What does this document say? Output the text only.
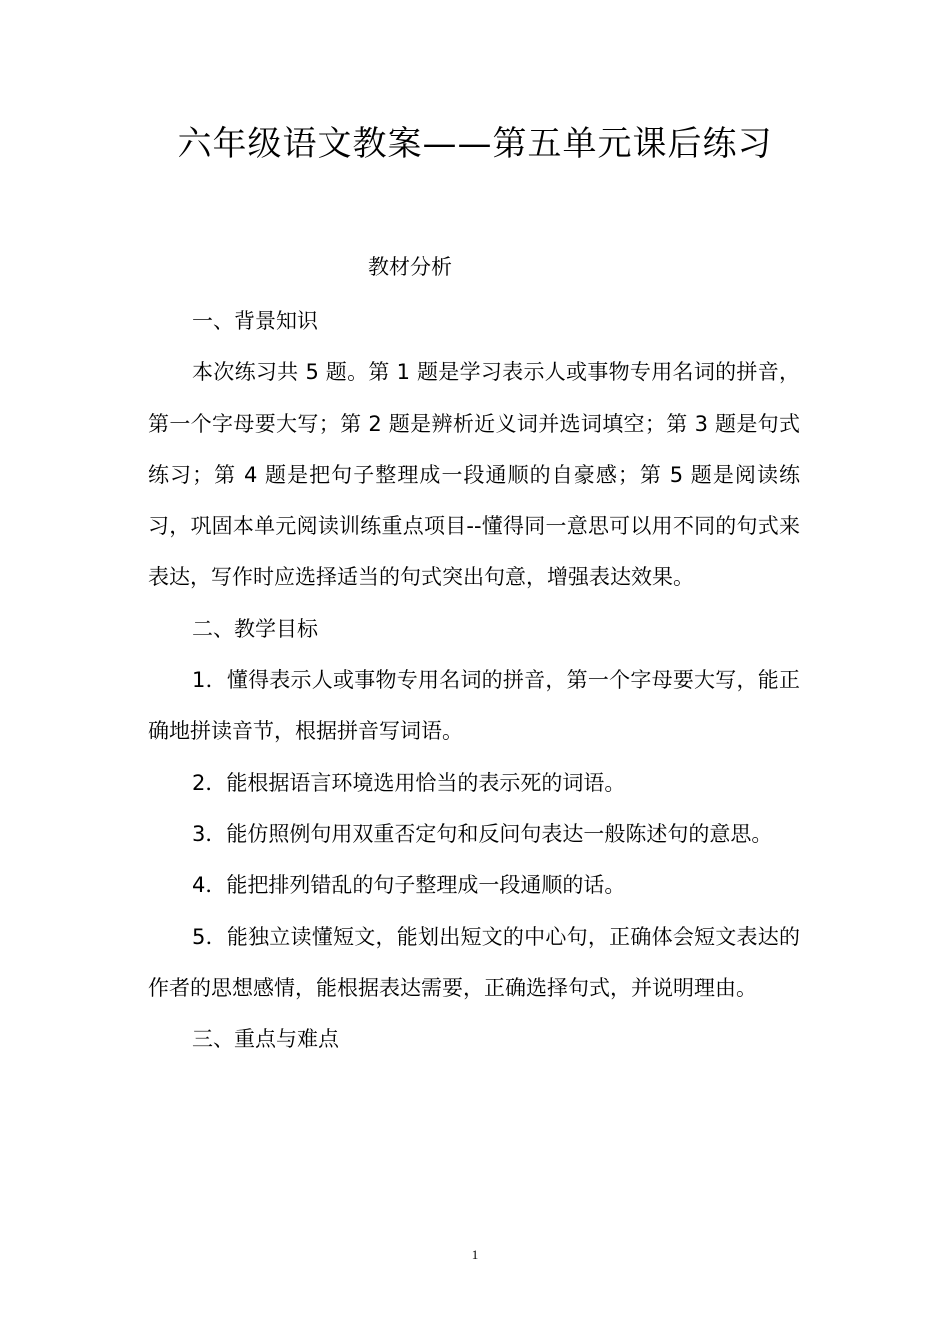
六年级语文教案——第五单元课后练习
教材分析

一、背景知识

本次练习共 5 题。第 1 题是学习表示人或事物专用名词的拼音，第一个字母要大写；第 2 题是辨析近义词并选词填空；第 3 题是句式练习；第 4 题是把句子整理成一段通顺的自豪感；第 5 题是阅读练习，巩固本单元阅读训练重点项目--懂得同一意思可以用不同的句式来表达，写作时应选择适当的句式突出句意，增强表达效果。

二、教学目标

1．懂得表示人或事物专用名词的拼音，第一个字母要大写，能正确地拼读音节，根据拼音写词语。

2．能根据语言环境选用恰当的表示死的词语。

3．能仿照例句用双重否定句和反问句表达一般陈述句的意思。

4．能把排列错乱的句子整理成一段通顺的话。

5．能独立读懂短文，能划出短文的中心句，正确体会短文表达的作者的思想感情，能根据表达需要，正确选择句式，并说明理由。

三、重点与难点

1
